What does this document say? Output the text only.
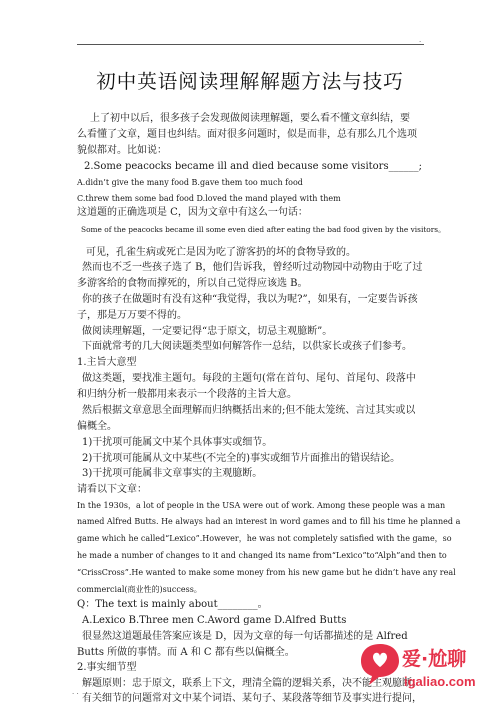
.
初中英语阅读理解解题方法与技巧
上了初中以后，很多孩子会发现做阅读理解题，要么看不懂文章纠结，要
么看懂了文章，题目也纠结。面对很多问题时，似是而非，总有那么几个选项
貌似都对。比如说：
2.Some peacocks became ill and died because some visitors______;
A.didn’t give the many food B.gave them too much food
C.threw them some bad food D.loved the mand played with them
这道题的正确选项是 C，因为文章中有这么一句话：
Some of the peacocks became ill some even died after eating the bad food given by the visitors。
可见，孔雀生病或死亡是因为吃了游客扔的坏的食物导致的。
然而也不乏一些孩子选了 B，他们告诉我，曾经听过动物园中动物由于吃了过
多游客给的食物而撑死的，所以自己觉得应该选 B。
你的孩子在做题时有没有这种“我觉得，我以为呢?”，如果有，一定要告诉孩
子，那是万万要不得的。
做阅读理解题，一定要记得“忠于原文，切忌主观臆断”。
下面就常考的几大阅读题类型如何解答作一总结，以供家长或孩子们参考。
1.主旨大意型
做这类题，要找准主题句。每段的主题句(常在首句、尾句、首尾句、段落中
和归纳分析一般都用来表示一个段落的主旨大意。
然后根据文章意思全面理解而归纳概括出来的;但不能太笼统、言过其实或以
偏概全。
1)干扰项可能属文中某个具体事实或细节。
2)干扰项可能属从文中某些(不完全的)事实或细节片面推出的错误结论。
3)干扰项可能属非文章事实的主观臆断。
请看以下文章：
In the 1930s，a lot of people in the USA were out of work. Among these people was a man
named Alfred Butts. He always had an interest in word games and to fill his time he planned a
game which he called“Lexico”.However，he was not completely satisfied with the game，so
he made a number of changes to it and changed its name from“Lexico”to“Alph”and then to
“CrissCross”.He wanted to make some money from his new game but he didn’t have any real
commercial(商业性的)success。
Q：The text is mainly about________。
A.Lexico B.Three men C.Aword game D.Alfred Butts
很显然这道题最佳答案应该是 D，因为文章的每一句话都描述的是 Alfred
Butts 所做的事情。而 A 和 C 都有些以偏概全。
2.事实细节型
解题原则：忠于原文，联系上下文，理清全篇的逻辑关系，决不能主观臆断。
有关细节的问题常对文中某个词语、某句子、某段落等细节及事实进行提问，
. .
爱·尬聊
igaliao.com
